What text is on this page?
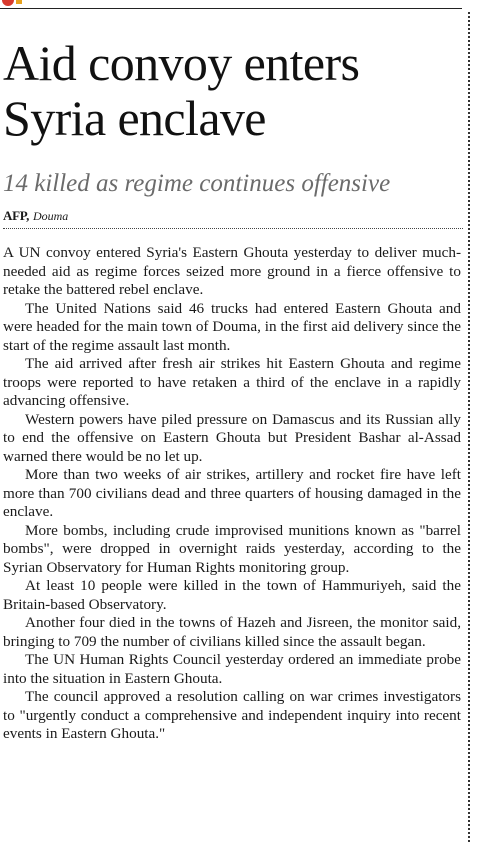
Aid convoy enters Syria enclave
14 killed as regime continues offensive
AFP, Douma

A UN convoy entered Syria's Eastern Ghouta yesterday to deliver much-needed aid as regime forces seized more ground in a fierce offensive to retake the battered rebel enclave.

The United Nations said 46 trucks had entered Eastern Ghouta and were headed for the main town of Douma, in the first aid delivery since the start of the regime assault last month.

The aid arrived after fresh air strikes hit Eastern Ghouta and regime troops were reported to have retaken a third of the enclave in a rapidly advancing offensive.

Western powers have piled pressure on Damascus and its Russian ally to end the offensive on Eastern Ghouta but President Bashar al-Assad warned there would be no let up.

More than two weeks of air strikes, artillery and rocket fire have left more than 700 civilians dead and three quarters of housing damaged in the enclave.

More bombs, including crude improvised munitions known as "barrel bombs", were dropped in overnight raids yesterday, according to the Syrian Observatory for Human Rights monitoring group.

At least 10 people were killed in the town of Hammuriyeh, said the Britain-based Observatory.

Another four died in the towns of Hazeh and Jisreen, the monitor said, bringing to 709 the number of civilians killed since the assault began.

The UN Human Rights Council yesterday ordered an immediate probe into the situation in Eastern Ghouta.

The council approved a resolution calling on war crimes investigators to "urgently conduct a comprehensive and independent inquiry into recent events in Eastern Ghouta."
